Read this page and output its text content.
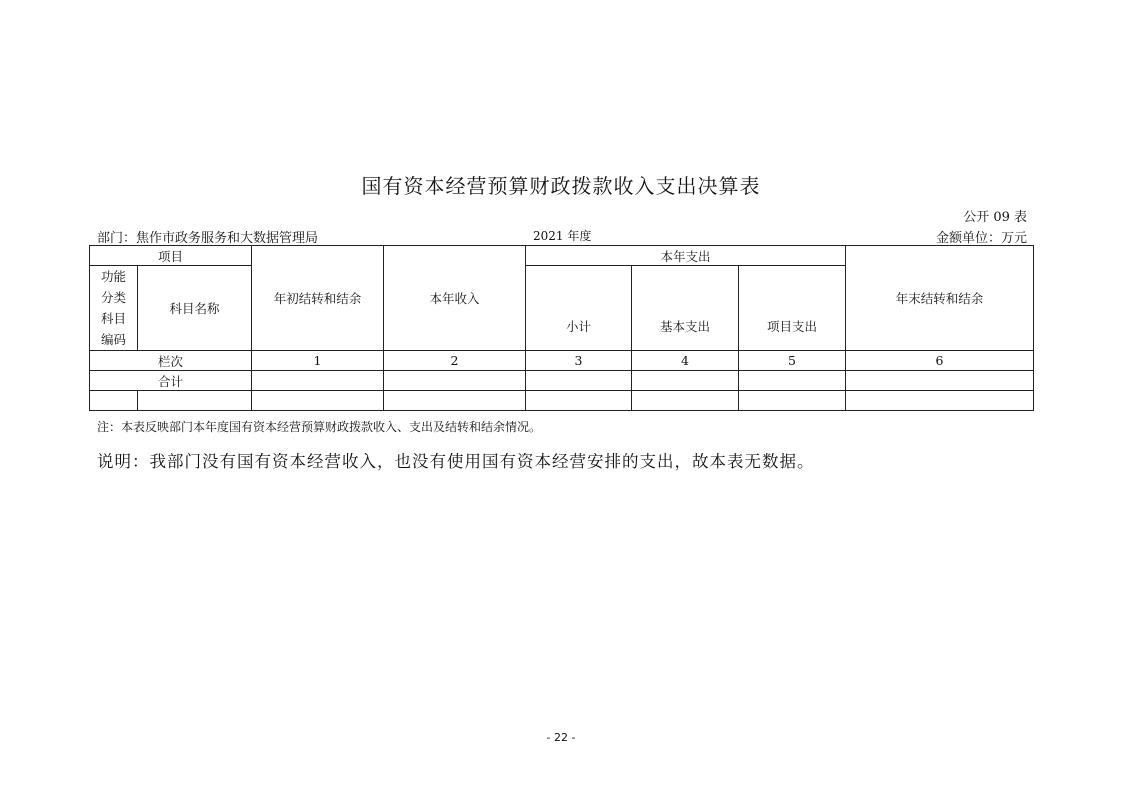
国有资本经营预算财政拨款收入支出决算表
公开 09 表
部门：焦作市政务服务和大数据管理局	2021 年度	金额单位：万元
项目		年初结转和结余	本年收入	本年支出			年末结转和结余
功能
分类
科目
编码	科目名称			小计	基本支出	项目支出	
栏次		1	2	3	4	5	6
合计							

注：本表反映部门本年度国有资本经营预算财政拨款收入、支出及结转和结余情况。
说明：我部门没有国有资本经营收入，也没有使用国有资本经营安排的支出，故本表无数据。
- 22 -
